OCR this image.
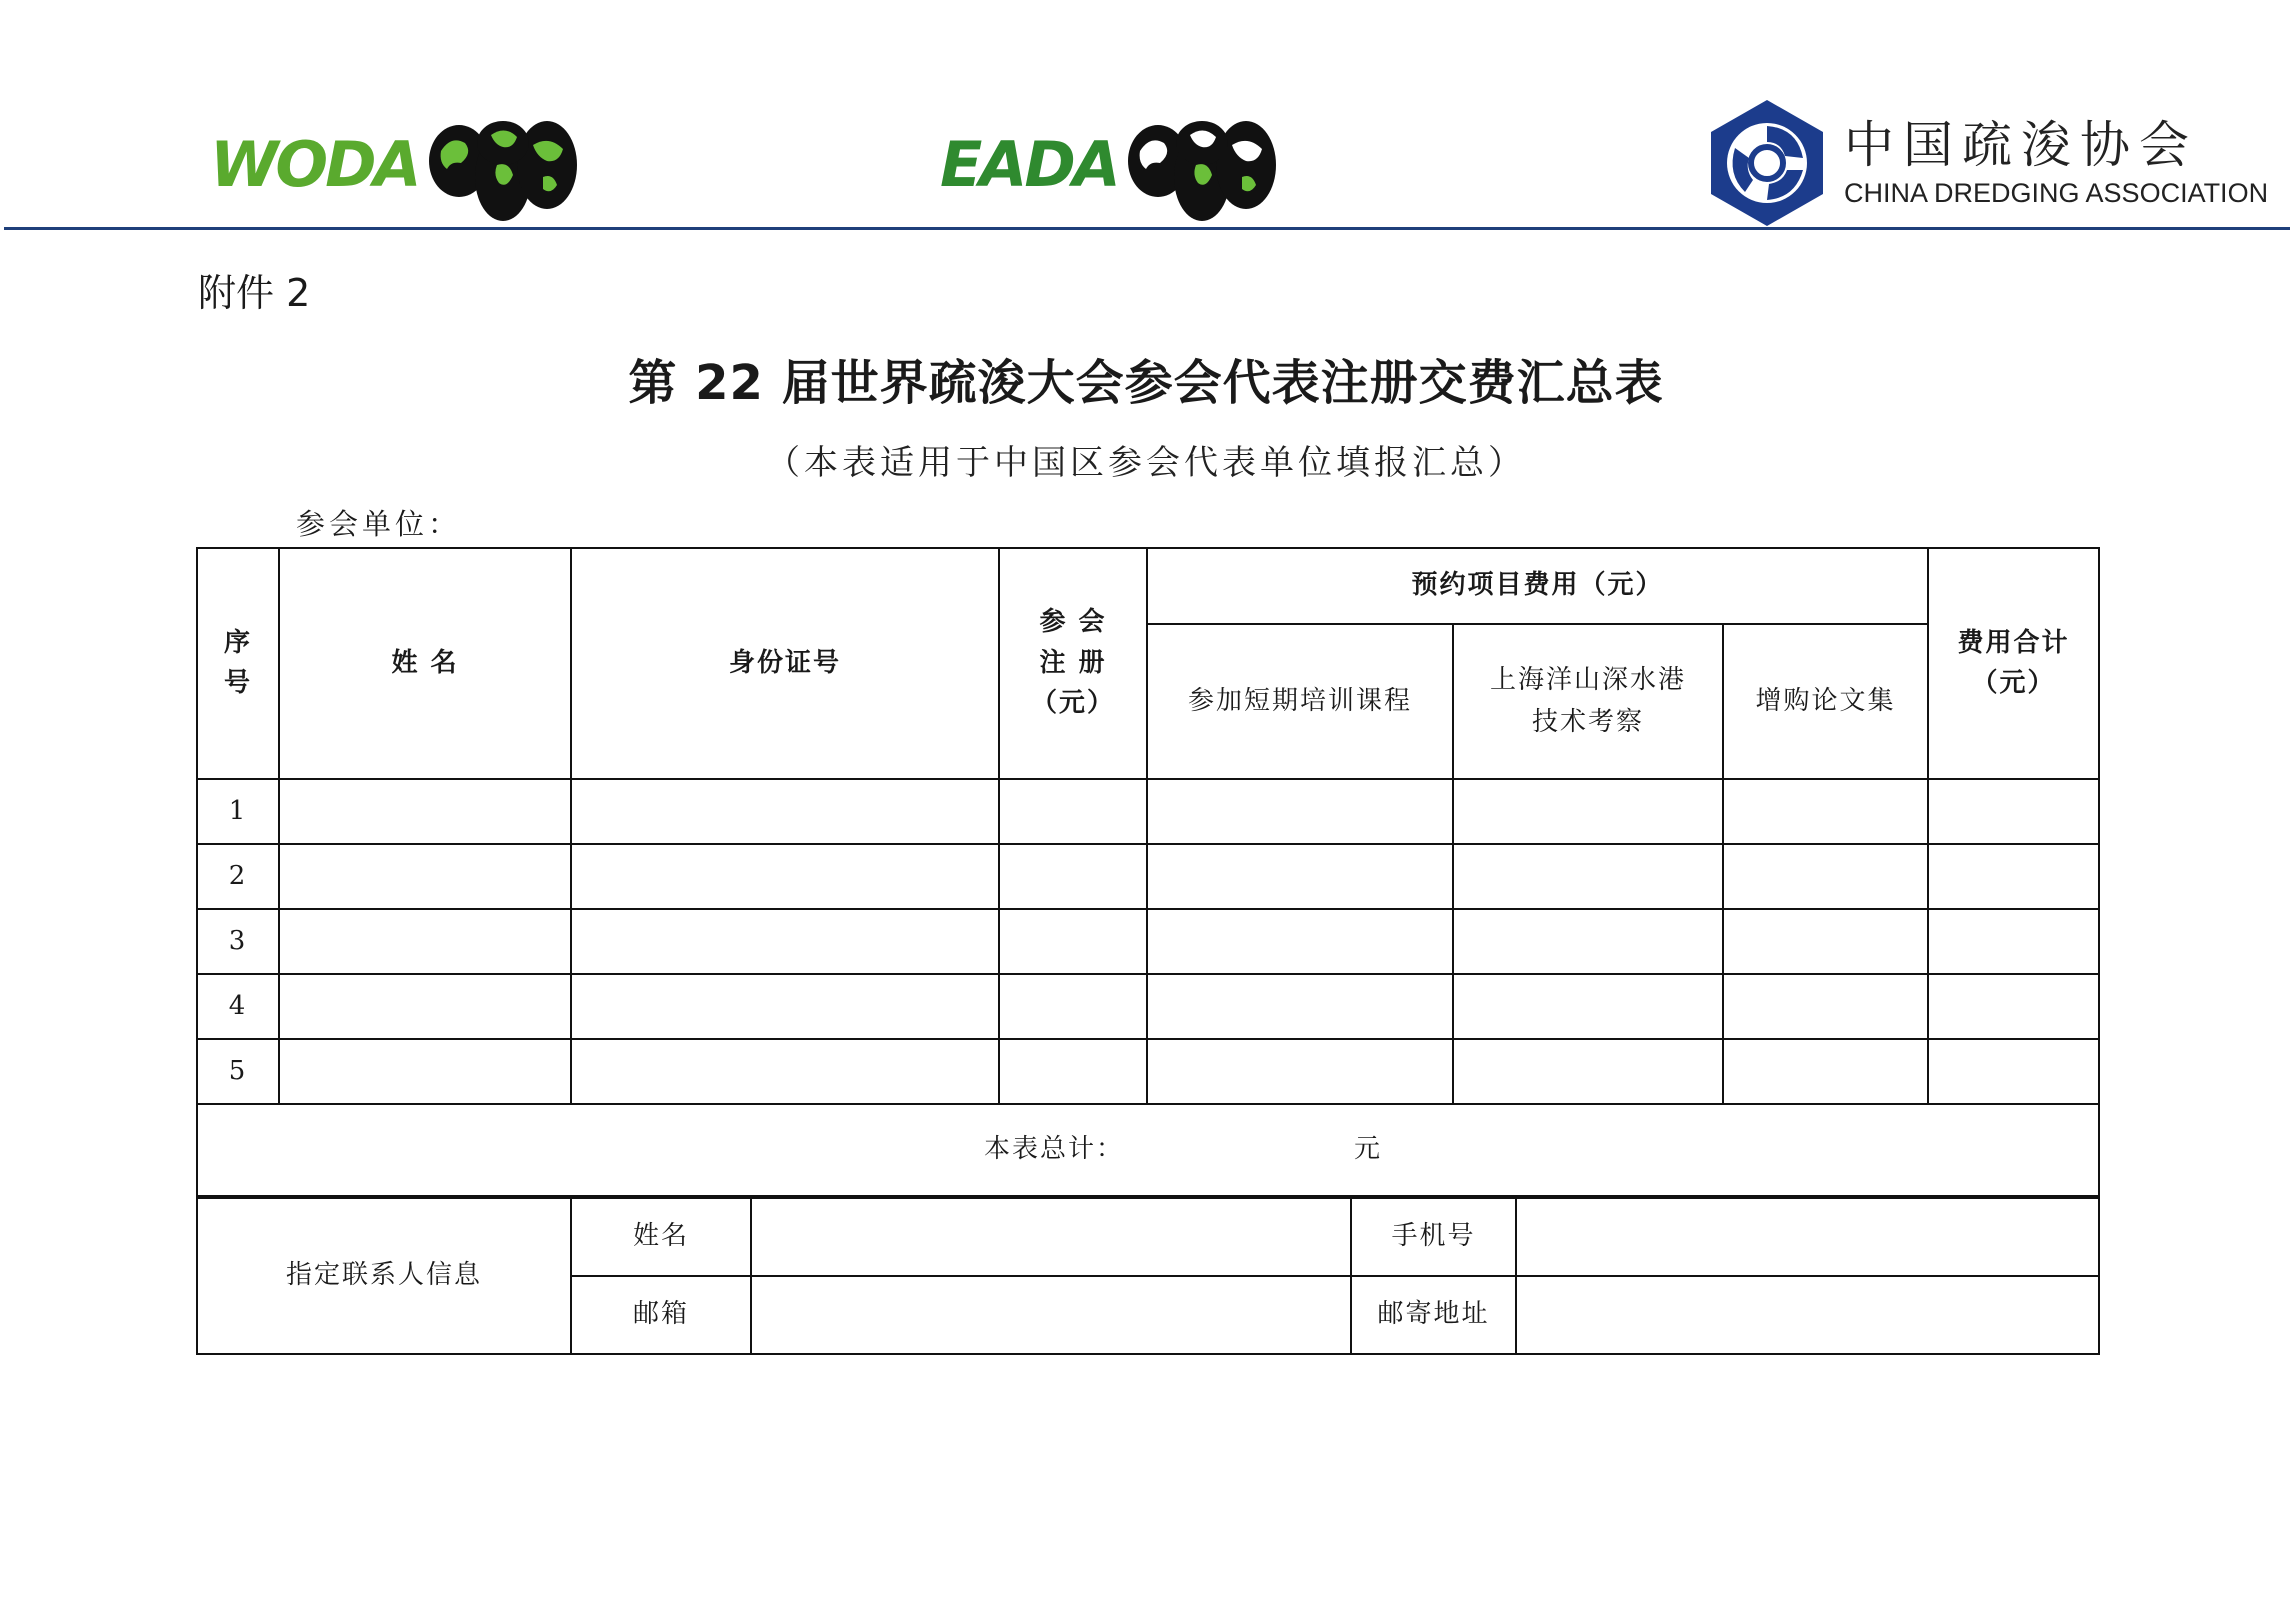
WODA	EADA	中国疏浚协会
CHINA DREDGING ASSOCIATION
附件 2
第 22 届世界疏浚大会参会代表注册交费汇总表
（本表适用于中国区参会代表单位填报汇总）
参会单位：
序
号	姓 名	身份证号	参 会
注 册
（元）	预约项目费用（元）			费用合计
（元）
				参加短期培训课程	上海洋山深水港
技术考察	增购论文集	
1							
2							
3							
4							
5							
本表总计： 元							
指定联系人信息	姓名		手机号	
	邮箱		邮寄地址	
